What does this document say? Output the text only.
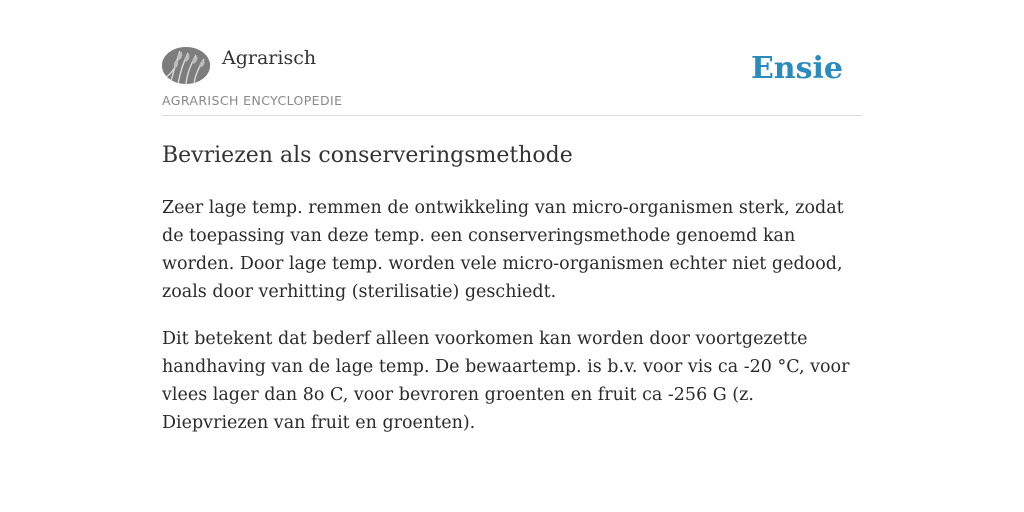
Agrarisch
AGRARISCH ENCYCLOPEDIE
Ensie
Bevriezen als conserveringsmethode

Zeer lage temp. remmen de ontwikkeling van micro-organismen sterk, zodat de toepassing van deze temp. een conserveringsmethode genoemd kan worden. Door lage temp. worden vele micro-organismen echter niet gedood, zoals door verhitting (sterilisatie) geschiedt.

Dit betekent dat bederf alleen voorkomen kan worden door voortgezette handhaving van de lage temp. De bewaartemp. is b.v. voor vis ca -20 °C, voor vlees lager dan 8o C, voor bevroren groenten en fruit ca -256 G (z. Diepvriezen van fruit en groenten).
